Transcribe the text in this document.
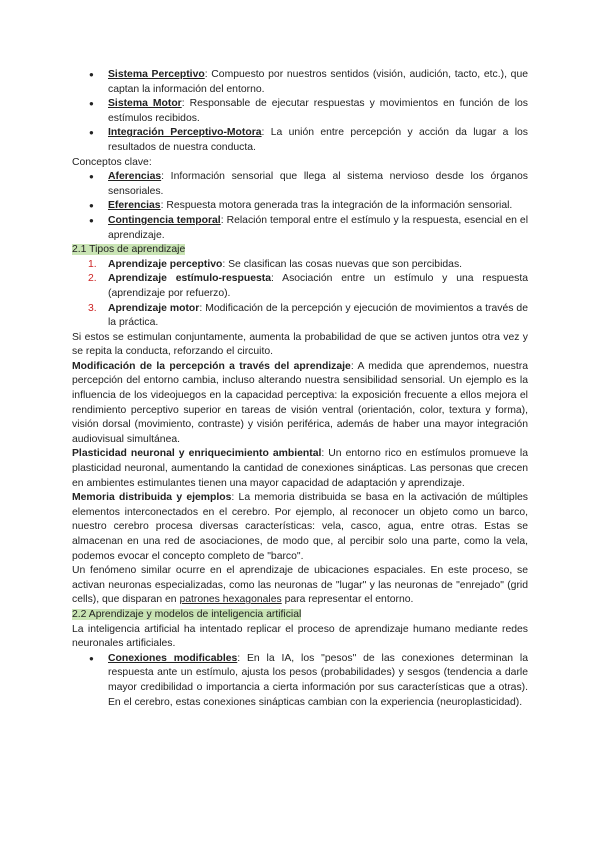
● Sistema Perceptivo: Compuesto por nuestros sentidos (visión, audición, tacto, etc.), que captan la información del entorno.
● Sistema Motor: Responsable de ejecutar respuestas y movimientos en función de los estímulos recibidos.
● Integración Perceptivo-Motora: La unión entre percepción y acción da lugar a los resultados de nuestra conducta.

Conceptos clave:

● Aferencias: Información sensorial que llega al sistema nervioso desde los órganos sensoriales.
● Eferencias: Respuesta motora generada tras la integración de la información sensorial.
● Contingencia temporal: Relación temporal entre el estímulo y la respuesta, esencial en el aprendizaje.

2.1 Tipos de aprendizaje

1. Aprendizaje perceptivo: Se clasifican las cosas nuevas que son percibidas.
2. Aprendizaje estímulo-respuesta: Asociación entre un estímulo y una respuesta (aprendizaje por refuerzo).
3. Aprendizaje motor: Modificación de la percepción y ejecución de movimientos a través de la práctica.

Si estos se estimulan conjuntamente, aumenta la probabilidad de que se activen juntos otra vez y se repita la conducta, reforzando el circuito.

Modificación de la percepción a través del aprendizaje: A medida que aprendemos, nuestra percepción del entorno cambia, incluso alterando nuestra sensibilidad sensorial. Un ejemplo es la influencia de los videojuegos en la capacidad perceptiva: la exposición frecuente a ellos mejora el rendimiento perceptivo superior en tareas de visión ventral (orientación, color, textura y forma), visión dorsal (movimiento, contraste) y visión periférica, además de haber una mayor integración audiovisual simultánea.

Plasticidad neuronal y enriquecimiento ambiental: Un entorno rico en estímulos promueve la plasticidad neuronal, aumentando la cantidad de conexiones sinápticas. Las personas que crecen en ambientes estimulantes tienen una mayor capacidad de adaptación y aprendizaje.

Memoria distribuida y ejemplos: La memoria distribuida se basa en la activación de múltiples elementos interconectados en el cerebro. Por ejemplo, al reconocer un objeto como un barco, nuestro cerebro procesa diversas características: vela, casco, agua, entre otras. Estas se almacenan en una red de asociaciones, de modo que, al percibir solo una parte, como la vela, podemos evocar el concepto completo de "barco".

Un fenómeno similar ocurre en el aprendizaje de ubicaciones espaciales. En este proceso, se activan neuronas especializadas, como las neuronas de "lugar" y las neuronas de "enrejado" (grid cells), que disparan en patrones hexagonales para representar el entorno.

2.2 Aprendizaje y modelos de inteligencia artificial

La inteligencia artificial ha intentado replicar el proceso de aprendizaje humano mediante redes neuronales artificiales.

● Conexiones modificables: En la IA, los "pesos" de las conexiones determinan la respuesta ante un estímulo, ajusta los pesos (probabilidades) y sesgos (tendencia a darle mayor credibilidad o importancia a cierta información por sus características que a otras). En el cerebro, estas conexiones sinápticas cambian con la experiencia (neuroplasticidad).
